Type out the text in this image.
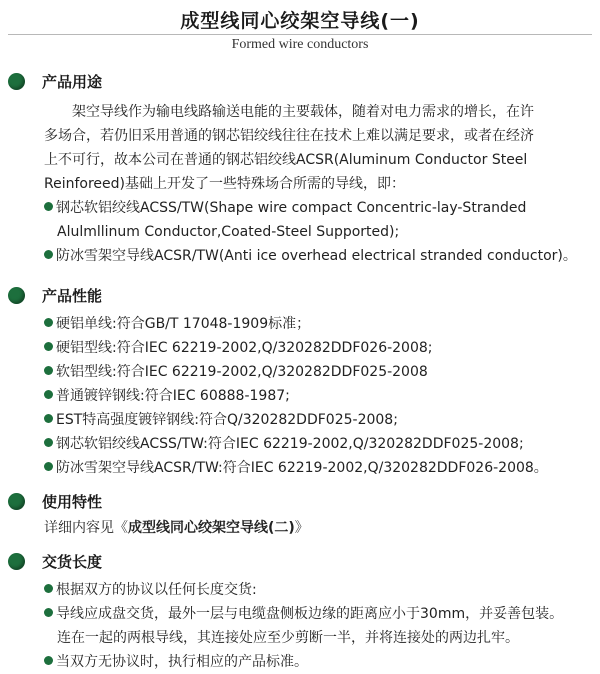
成型线同心绞架空导线(一)
Formed wire conductors
产品用途
架空导线作为输电线路输送电能的主要载体，随着对电力需求的增长，在许
多场合，若仍旧采用普通的钢芯铝绞线往往在技术上难以满足要求，或者在经济
上不可行，故本公司在普通的钢芯铝绞线ACSR(Aluminum Conductor Steel
Reinforeed)基础上开发了一些特殊场合所需的导线，即：
钢芯软铝绞线ACSS/TW(Shape wire compact Concentric-lay-Stranded
Alulmllinum Conductor,Coated-Steel Supported);
防冰雪架空导线ACSR/TW(Anti ice overhead electrical stranded conductor)。
产品性能
硬铝单线:符合GB/T 17048-1909标准；
硬铝型线:符合IEC 62219-2002,Q/320282DDF026-2008;
软铝型线:符合IEC 62219-2002,Q/320282DDF025-2008
普通镀锌钢线:符合IEC 60888-1987;
EST特高强度镀锌钢线:符合Q/320282DDF025-2008;
钢芯软铝绞线ACSS/TW:符合IEC 62219-2002,Q/320282DDF025-2008;
防冰雪架空导线ACSR/TW:符合IEC 62219-2002,Q/320282DDF026-2008。
使用特性
详细内容见《成型线同心绞架空导线(二)》
交货长度
根据双方的协议以任何长度交货:
导线应成盘交货，最外一层与电缆盘侧板边缘的距离应小于30mm，并妥善包装。
连在一起的两根导线，其连接处应至少剪断一半，并将连接处的两边扎牢。
当双方无协议时，执行相应的产品标准。
